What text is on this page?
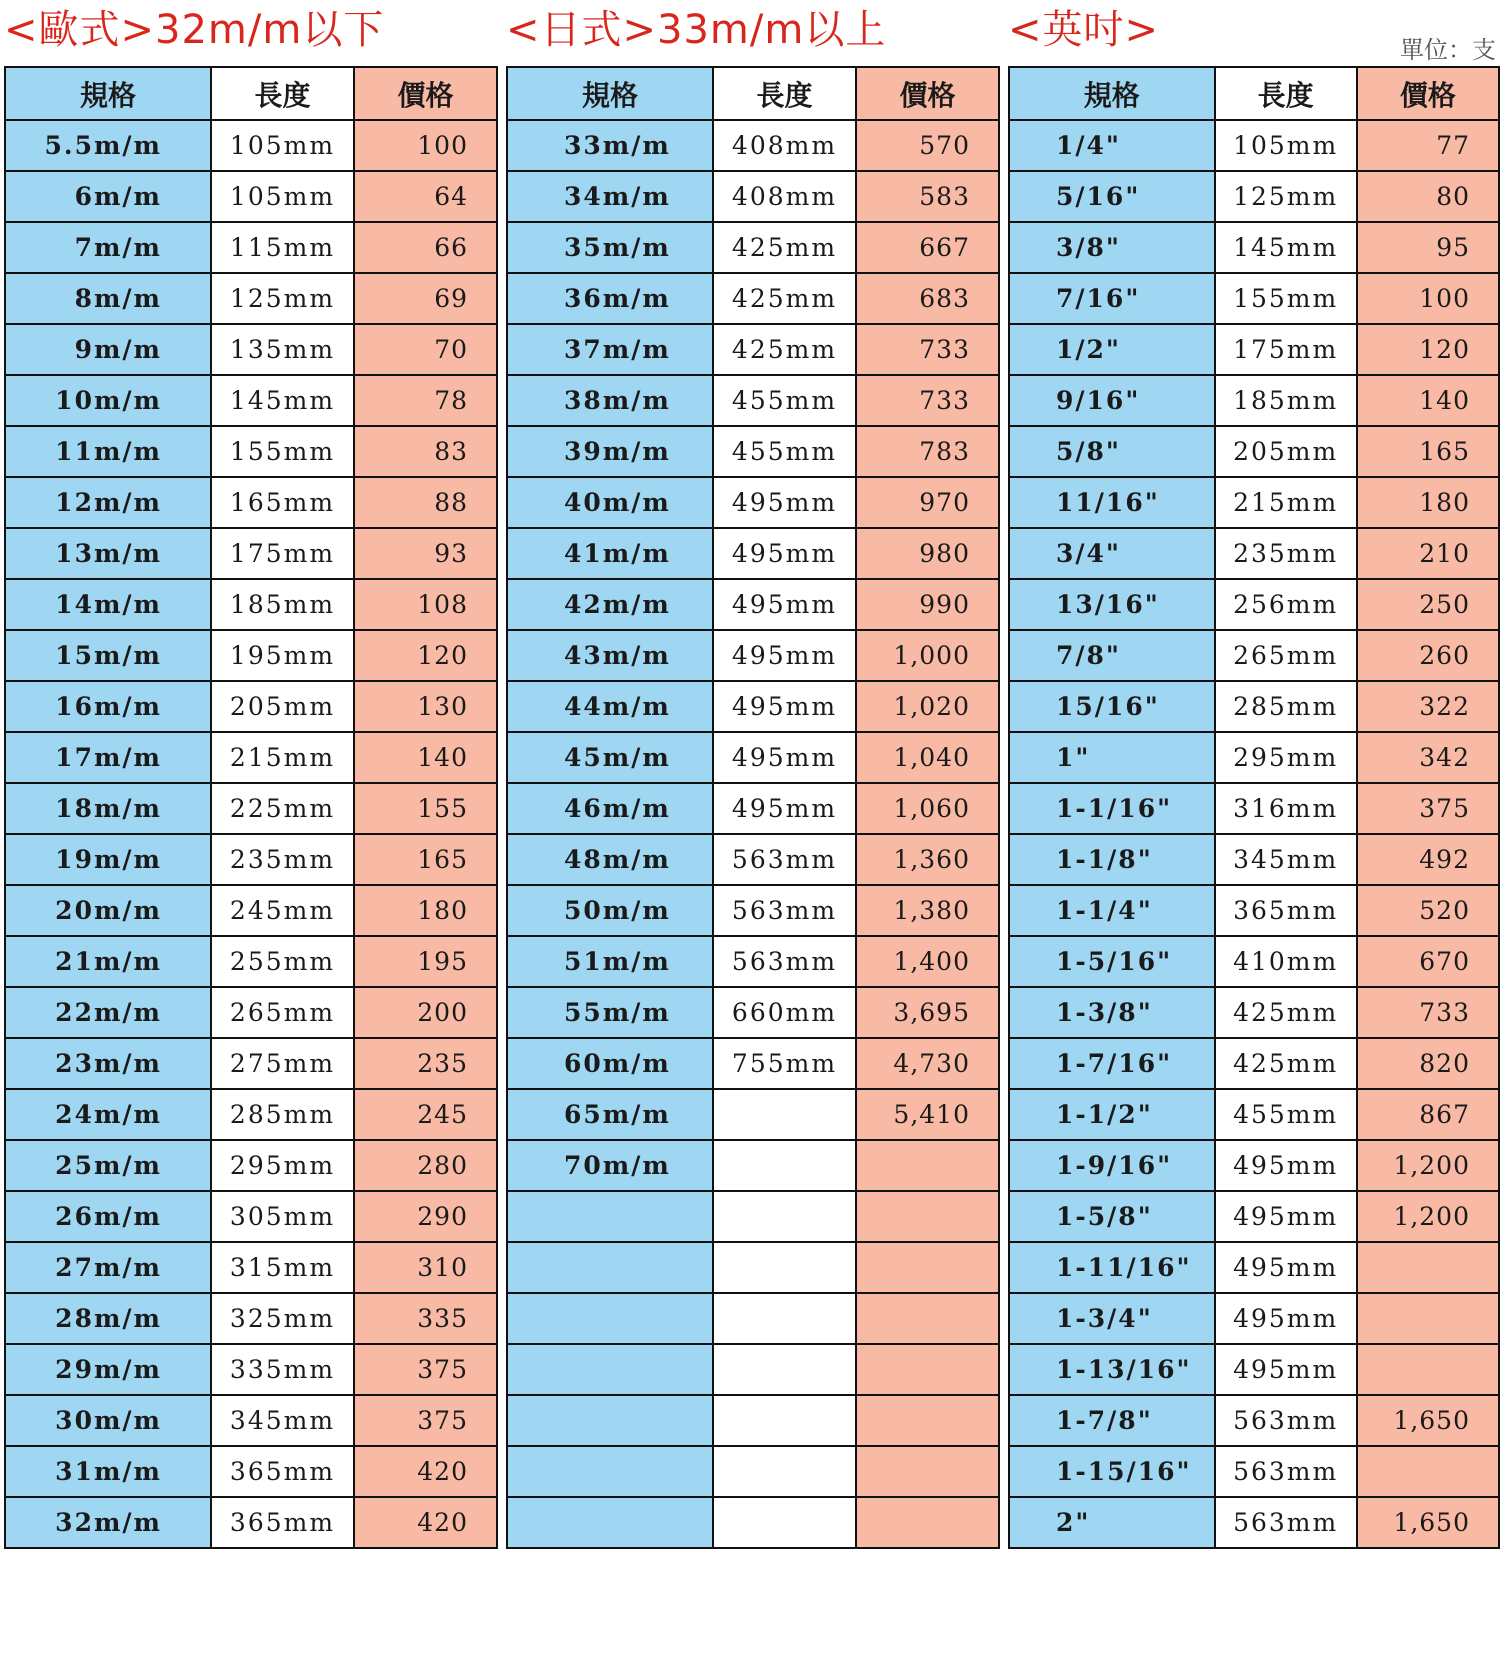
<歐式>32m/m以下	<日式>33m/m以上	<英吋>	單位：支
規格	長度	價格
5.5m/m	105mm	100
6m/m	105mm	64
7m/m	115mm	66
8m/m	125mm	69
9m/m	135mm	70
10m/m	145mm	78
11m/m	155mm	83
12m/m	165mm	88
13m/m	175mm	93
14m/m	185mm	108
15m/m	195mm	120
16m/m	205mm	130
17m/m	215mm	140
18m/m	225mm	155
19m/m	235mm	165
20m/m	245mm	180
21m/m	255mm	195
22m/m	265mm	200
23m/m	275mm	235
24m/m	285mm	245
25m/m	295mm	280
26m/m	305mm	290
27m/m	315mm	310
28m/m	325mm	335
29m/m	335mm	375
30m/m	345mm	375
31m/m	365mm	420
32m/m	365mm	420
規格	長度	價格
33m/m	408mm	570
34m/m	408mm	583
35m/m	425mm	667
36m/m	425mm	683
37m/m	425mm	733
38m/m	455mm	733
39m/m	455mm	783
40m/m	495mm	970
41m/m	495mm	980
42m/m	495mm	990
43m/m	495mm	1,000
44m/m	495mm	1,020
45m/m	495mm	1,040
46m/m	495mm	1,060
48m/m	563mm	1,360
50m/m	563mm	1,380
51m/m	563mm	1,400
55m/m	660mm	3,695
60m/m	755mm	4,730
65m/m		5,410
70m/m		

規格	長度	價格
1/4"	105mm	77
5/16"	125mm	80
3/8"	145mm	95
7/16"	155mm	100
1/2"	175mm	120
9/16"	185mm	140
5/8"	205mm	165
11/16"	215mm	180
3/4"	235mm	210
13/16"	256mm	250
7/8"	265mm	260
15/16"	285mm	322
1"	295mm	342
1-1/16"	316mm	375
1-1/8"	345mm	492
1-1/4"	365mm	520
1-5/16"	410mm	670
1-3/8"	425mm	733
1-7/16"	425mm	820
1-1/2"	455mm	867
1-9/16"	495mm	1,200
1-5/8"	495mm	1,200
1-11/16"	495mm	
1-3/4"	495mm	
1-13/16"	495mm	
1-7/8"	563mm	1,650
1-15/16"	563mm	
2"	563mm	1,650
